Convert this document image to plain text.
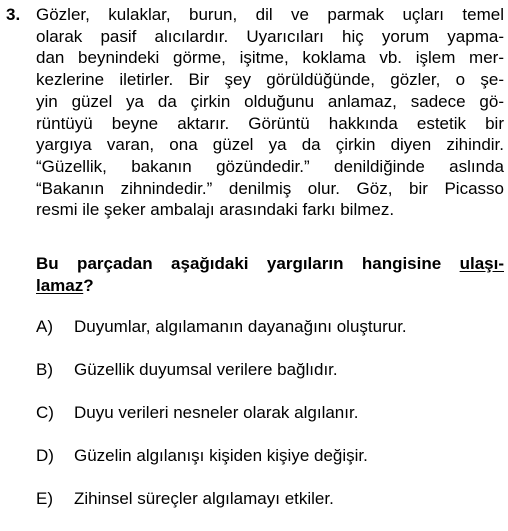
3. Gözler, kulaklar, burun, dil ve parmak uçları temel
olarak pasif alıcılardır. Uyarıcıları hiç yorum yapma-
dan beynindeki görme, işitme, koklama vb. işlem mer-
kezlerine iletirler. Bir şey görüldüğünde, gözler, o şe-
yin güzel ya da çirkin olduğunu anlamaz, sadece gö-
rüntüyü beyne aktarır. Görüntü hakkında estetik bir
yargıya varan, ona güzel ya da çirkin diyen zihindir.
“Güzellik, bakanın gözündedir.” denildiğinde aslında
“Bakanın zihnindedir.” denilmiş olur. Göz, bir Picasso
resmi ile şeker ambalajı arasındaki farkı bilmez.
Bu parçadan aşağıdaki yargıların hangisine ulaşı-
lamaz?
A) Duyumlar, algılamanın dayanağını oluşturur.
B) Güzellik duyumsal verilere bağlıdır.
C) Duyu verileri nesneler olarak algılanır.
D) Güzelin algılanışı kişiden kişiye değişir.
E) Zihinsel süreçler algılamayı etkiler.
